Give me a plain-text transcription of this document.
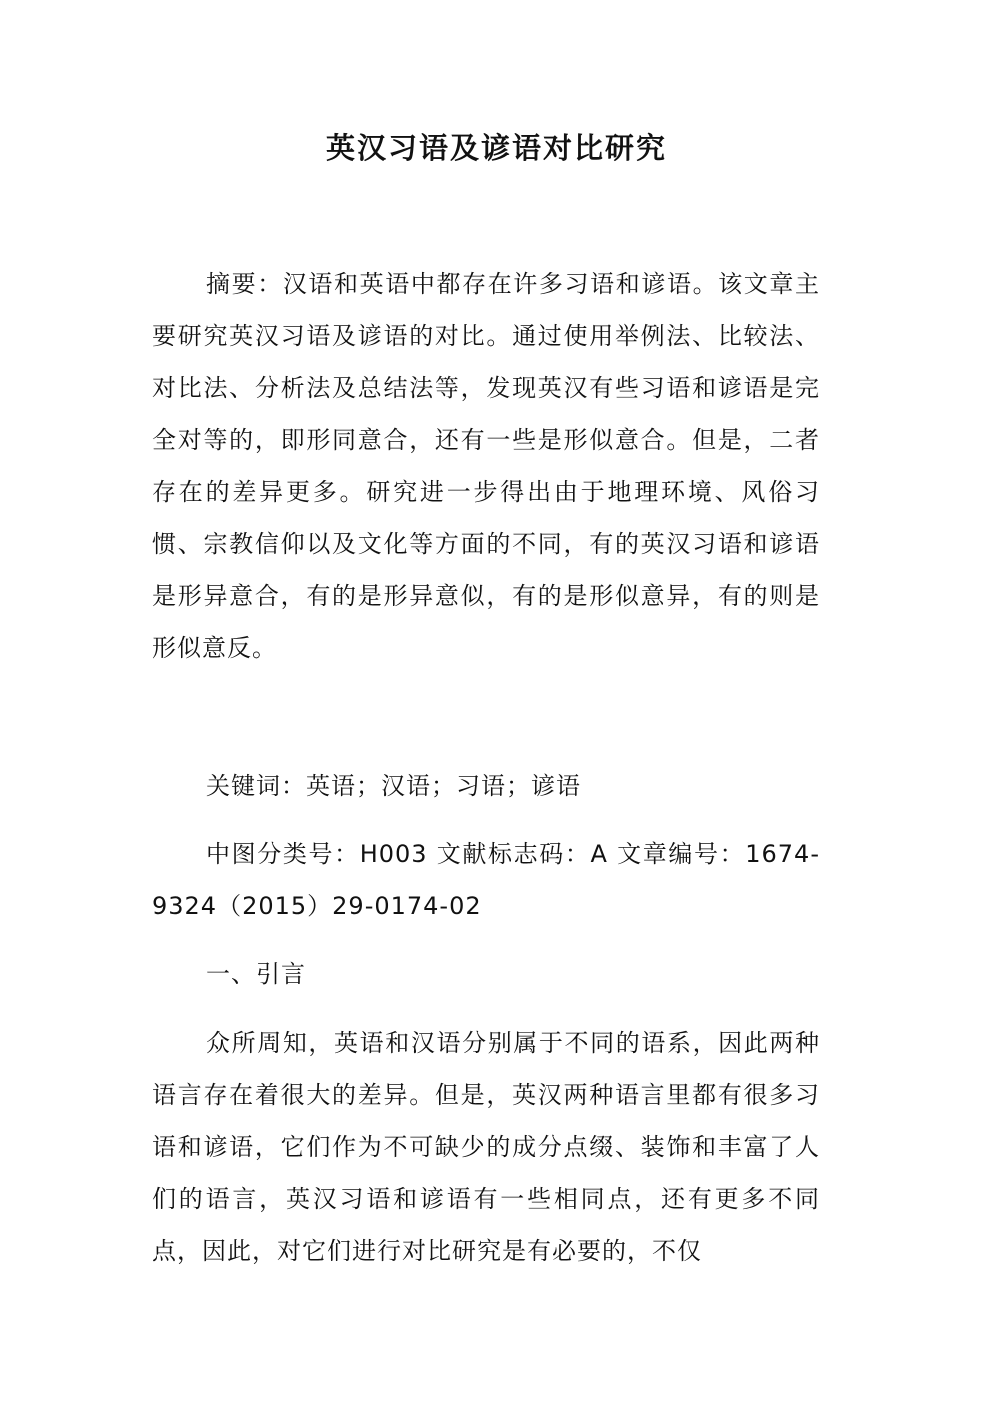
英汉习语及谚语对比研究

摘要：汉语和英语中都存在许多习语和谚语。该文章主要研究英汉习语及谚语的对比。通过使用举例法、比较法、对比法、分析法及总结法等，发现英汉有些习语和谚语是完全对等的，即形同意合，还有一些是形似意合。但是，二者存在的差异更多。研究进一步得出由于地理环境、风俗习惯、宗教信仰以及文化等方面的不同，有的英汉习语和谚语是形异意合，有的是形异意似，有的是形似意异，有的则是形似意反。

关键词：英语；汉语；习语；谚语

中图分类号：H003 文献标志码：A 文章编号：1674-9324（2015）29-0174-02

一、引言

众所周知，英语和汉语分别属于不同的语系，因此两种语言存在着很大的差异。但是，英汉两种语言里都有很多习语和谚语，它们作为不可缺少的成分点缀、装饰和丰富了人们的语言，英汉习语和谚语有一些相同点，还有更多不同点，因此，对它们进行对比研究是有必要的，不仅
